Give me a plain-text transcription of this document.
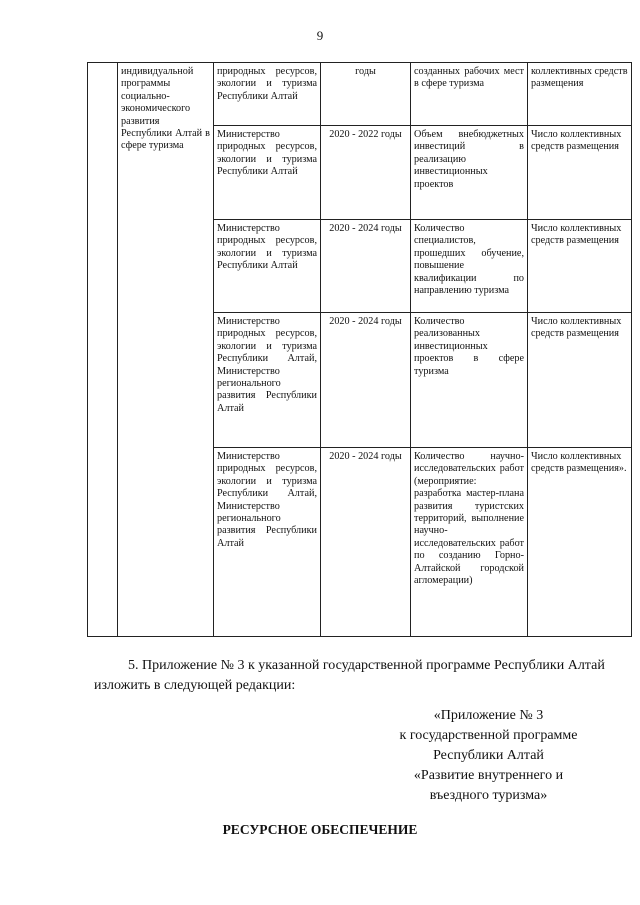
9
	индивидуальной программы социально-экономического развития Республики Алтай в сфере туризма	природных ресурсов, экологии и туризма Республики Алтай	годы	созданных рабочих мест в сфере туризма	коллективных средств размещения
		Министерство природных ресурсов, экологии и туризма Республики Алтай	2020 - 2022 годы	Объем внебюджетных инвестиций в реализацию инвестиционных проектов	Число коллективных средств размещения
		Министерство природных ресурсов, экологии и туризма Республики Алтай	2020 - 2024 годы	Количество специалистов, прошедших обучение, повышение квалификации по направлению туризма	Число коллективных средств размещения
		Министерство природных ресурсов, экологии и туризма Республики Алтай, Министерство регионального развития Республики Алтай	2020 - 2024 годы	Количество реализованных инвестиционных проектов в сфере туризма	Число коллективных средств размещения
		Министерство природных ресурсов, экологии и туризма Республики Алтай, Министерство регионального развития Республики Алтай	2020 - 2024 годы	Количество научно-исследовательских работ (мероприятие: разработка мастер-плана развития туристских территорий, выполнение научно-исследовательских работ по созданию Горно-Алтайской городской агломерации)	Число коллективных средств размещения».
5. Приложение № 3 к указанной государственной программе Республики Алтай изложить в следующей редакции:
«Приложение № 3
к государственной программе
Республики Алтай
«Развитие внутреннего и
въездного туризма»
РЕСУРСНОЕ ОБЕСПЕЧЕНИЕ
